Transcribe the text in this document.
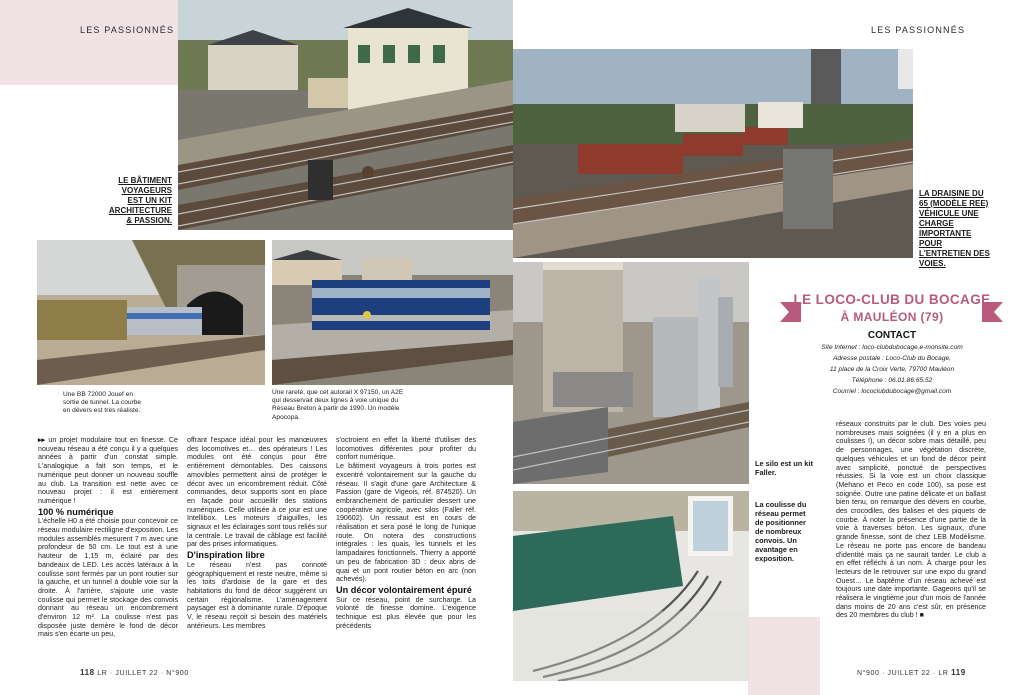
LES PASSIONNÉS	LES PASSIONNÉS
LE BÂTIMENT VOYAGEURS EST UN KIT ARCHITECTURE & PASSION.
LA DRAISINE DU 65 (MODÈLE REE) VÉHICULE UNE CHARGE IMPORTANTE POUR L'ENTRETIEN DES VOIES.
Une BB 72000 Jouef en sortie de tunnel. La courbe en dévers est très réaliste.
Une rareté, que cet autorail X 97150, un A2E qui desservait deux lignes à voie unique du Réseau Breton à partir de 1990. Un modèle Apocopa.
Le silo est un kit Faller.
La coulisse du réseau permet de positionner de nombreux convois. Un avantage en exposition.
LE LOCO-CLUB DU BOCAGE
À MAULÉON (79)
CONTACT
Site Internet : loco-clubdubocage.e-monsite.com
Adresse postale : Loco-Club du Bocage,
11 place de la Croix Verte, 79700 Mauléon
Téléphone : 06.01.86.65.52
Courriel : lococlubdubocage@gmail.com

▸▸ un projet modulaire tout en finesse. Ce nouveau réseau a été conçu il y a quelques années à partir d'un constat simple. L'analogique a fait son temps, et le numérique peut donner un nouveau souffle au club. La transition est nette avec ce nouveau projet : il est entièrement numérique !

100 % numérique

L'échelle H0 a été choisie pour concevoir ce réseau modulaire rectiligne d'exposition. Les modules assemblés mesurent 7 m avec une profondeur de 50 cm. Le tout est à une hauteur de 1,15 m, éclairé par des bandeaux de LED. Les accès latéraux à la coulisse sont fermés par un pont routier sur la gauche, et un tunnel à double voie sur la droite. À l'arrière, s'ajoute une vaste coulisse qui permet le stockage des convois donnant au réseau un encombrement d'environ 12 m². La coulisse n'est pas disposée juste derrière le fond de décor mais s'en écarte un peu,

offrant l'espace idéal pour les manœuvres des locomotives et… des opérateurs ! Les modules ont été conçus pour être entièrement démontables. Des caissons amovibles permettent ainsi de protéger le décor avec un encombrement réduit. Côté commandes, deux supports sont en place en façade pour accueillir des stations numériques. Celle utilisée à ce jour est une Intellibox. Les moteurs d'aiguilles, les signaux et les éclairages sont tous reliés sur la centrale. Le travail de câblage est facilité par des prises informatiques.

D'inspiration libre

Le réseau n'est pas connoté géographiquement et reste neutre, même si les toits d'ardoise de la gare et des habitations du fond de décor suggèrent un certain régionalisme. L'aménagement paysager est à dominante rurale. D'époque V, le réseau reçoit si besoin des matériels antérieurs. Les membres

s'octroient en effet la liberté d'utiliser des locomotives différentes pour profiter du confort numérique.
Le bâtiment voyageurs à trois portes est excentré volontairement sur la gauche du réseau. Il s'agit d'une gare Architecture & Passion (gare de Vigeois, réf. 874520). Un embranchement de particulier dessert une coopérative agricole, avec silos (Faller réf. 190602). Un ressaut est en cours de réalisation et sera posé le long de l'unique route. On notera des constructions intégrales : les quais, les tunnels et les lampadaires fonctionnels. Thierry a apporté un peu de fabrication 3D : deux abris de quai et un pont routier béton en arc (non achevés).

Un décor volontairement épuré

Sur ce réseau, point de surcharge. La volonté de finesse domine. L'exigence technique est plus élevée que pour les précédents

réseaux construits par le club. Des voies peu nombreuses mais soignées (il y en a plus en coulisses !), un décor sobre mais détaillé, peu de personnages, une végétation discrète, quelques véhicules et un fond de décor peint avec simplicité, ponctué de perspectives réussies. Si la voie est un choix classique (Mehano et Peco en code 100), sa pose est soignée. Outre une patine délicate et un ballast bien tenu, on remarque des dévers en courbe, des crocodiles, des balises et des piquets de courbe. À noter la présence d'une partie de la voie à traverses béton. Les signaux, d'une grande finesse, sont de chez LEB Modélisme. Le réseau ne porte pas encore de bandeau d'identité mais ça ne saurait tarder. Le club a en effet réfléchi à un nom. À charge pour les lecteurs de le retrouver sur une expo du grand Ouest… Le baptême d'un réseau achevé est toujours une date importante. Gageons qu'il se réalisera le vingtième jour d'un mois de l'année dans moins de 20 ans c'est sûr, en présence des 20 membres du club ! ■

118 LR · JUILLET 22 · N°900	N°900 · JUILLET 22 · LR 119
